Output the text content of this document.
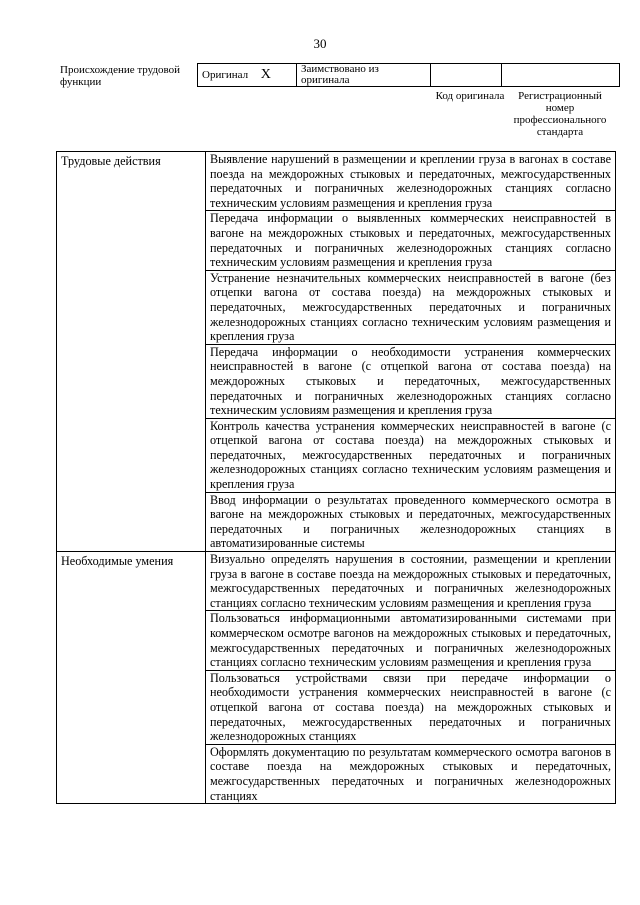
30
Происхождение трудовой функции
Оригинал X	Заимствовано из оригинала		
Код оригинала	Регистрационный номер профессионального стандарта
Трудовые действия	Выявление нарушений в размещении и креплении груза в вагонах в составе поезда на междорожных стыковых и передаточных, межгосударственных передаточных и пограничных железнодорожных станциях согласно техническим условиям размещения и крепления груза
	Передача информации о выявленных коммерческих неисправностей в вагоне на междорожных стыковых и передаточных, межгосударственных передаточных и пограничных железнодорожных станциях согласно техническим условиям размещения и крепления груза
	Устранение незначительных коммерческих неисправностей в вагоне (без отцепки вагона от состава поезда) на междорожных стыковых и передаточных, межгосударственных передаточных и пограничных железнодорожных станциях согласно техническим условиям размещения и крепления груза
	Передача информации о необходимости устранения коммерческих неисправностей в вагоне (с отцепкой вагона от состава поезда) на междорожных стыковых и передаточных, межгосударственных передаточных и пограничных железнодорожных станциях согласно техническим условиям размещения и крепления груза
	Контроль качества устранения коммерческих неисправностей в вагоне (с отцепкой вагона от состава поезда) на междорожных стыковых и передаточных, межгосударственных передаточных и пограничных железнодорожных станциях согласно техническим условиям размещения и крепления груза
	Ввод информации о результатах проведенного коммерческого осмотра в вагоне на междорожных стыковых и передаточных, межгосударственных передаточных и пограничных железнодорожных станциях в автоматизированные системы
Необходимые умения	Визуально определять нарушения в состоянии, размещении и креплении груза в вагоне в составе поезда на междорожных стыковых и передаточных, межгосударственных передаточных и пограничных железнодорожных станциях согласно техническим условиям размещения и крепления груза
	Пользоваться информационными автоматизированными системами при коммерческом осмотре вагонов на междорожных стыковых и передаточных, межгосударственных передаточных и пограничных железнодорожных станциях согласно техническим условиям размещения и крепления груза
	Пользоваться устройствами связи при передаче информации о необходимости устранения коммерческих неисправностей в вагоне (с отцепкой вагона от состава поезда) на междорожных стыковых и передаточных, межгосударственных передаточных и пограничных железнодорожных станциях
	Оформлять документацию по результатам коммерческого осмотра вагонов в составе поезда на междорожных стыковых и передаточных, межгосударственных передаточных и пограничных железнодорожных станциях
